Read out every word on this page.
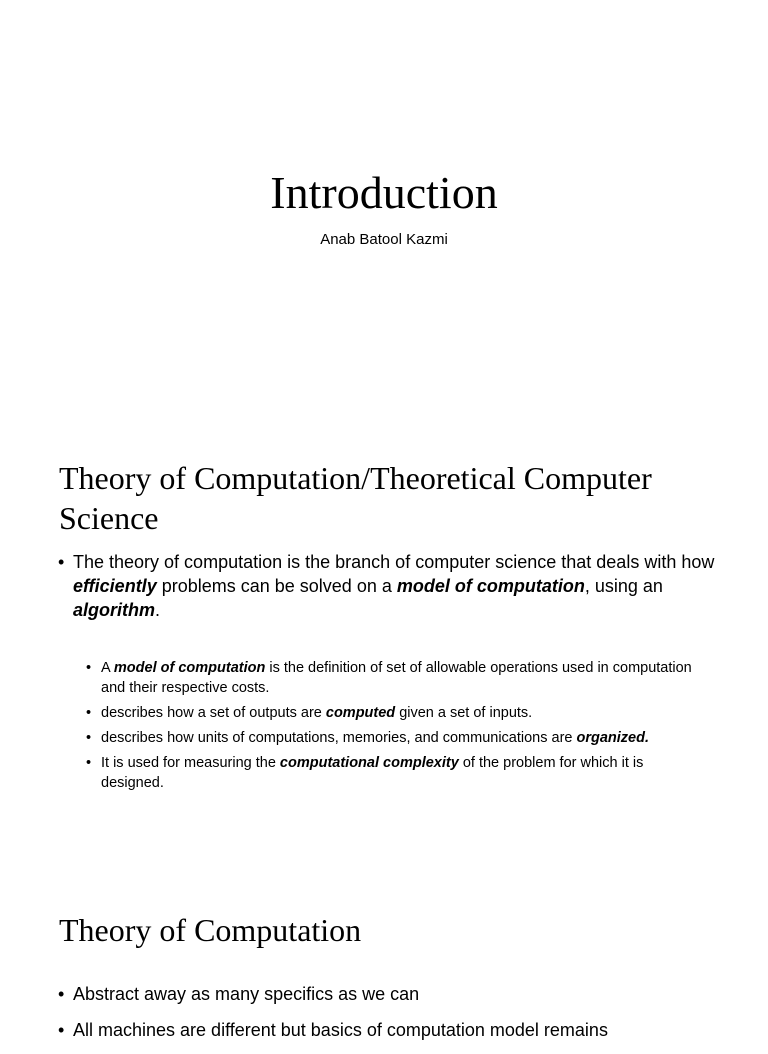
Introduction
Anab Batool Kazmi
Theory of Computation/Theoretical Computer Science
• The theory of computation is the branch of computer science that deals with how efficiently problems can be solved on a model of computation, using an algorithm.
• A model of computation is the definition of set of allowable operations used in computation and their respective costs.
• describes how a set of outputs are computed given a set of inputs.
• describes how units of computations, memories, and communications are organized.
• It is used for measuring the computational complexity of the problem for which it is designed.
Theory of Computation
• Abstract away as many specifics as we can
• All machines are different but basics of computation model remains
